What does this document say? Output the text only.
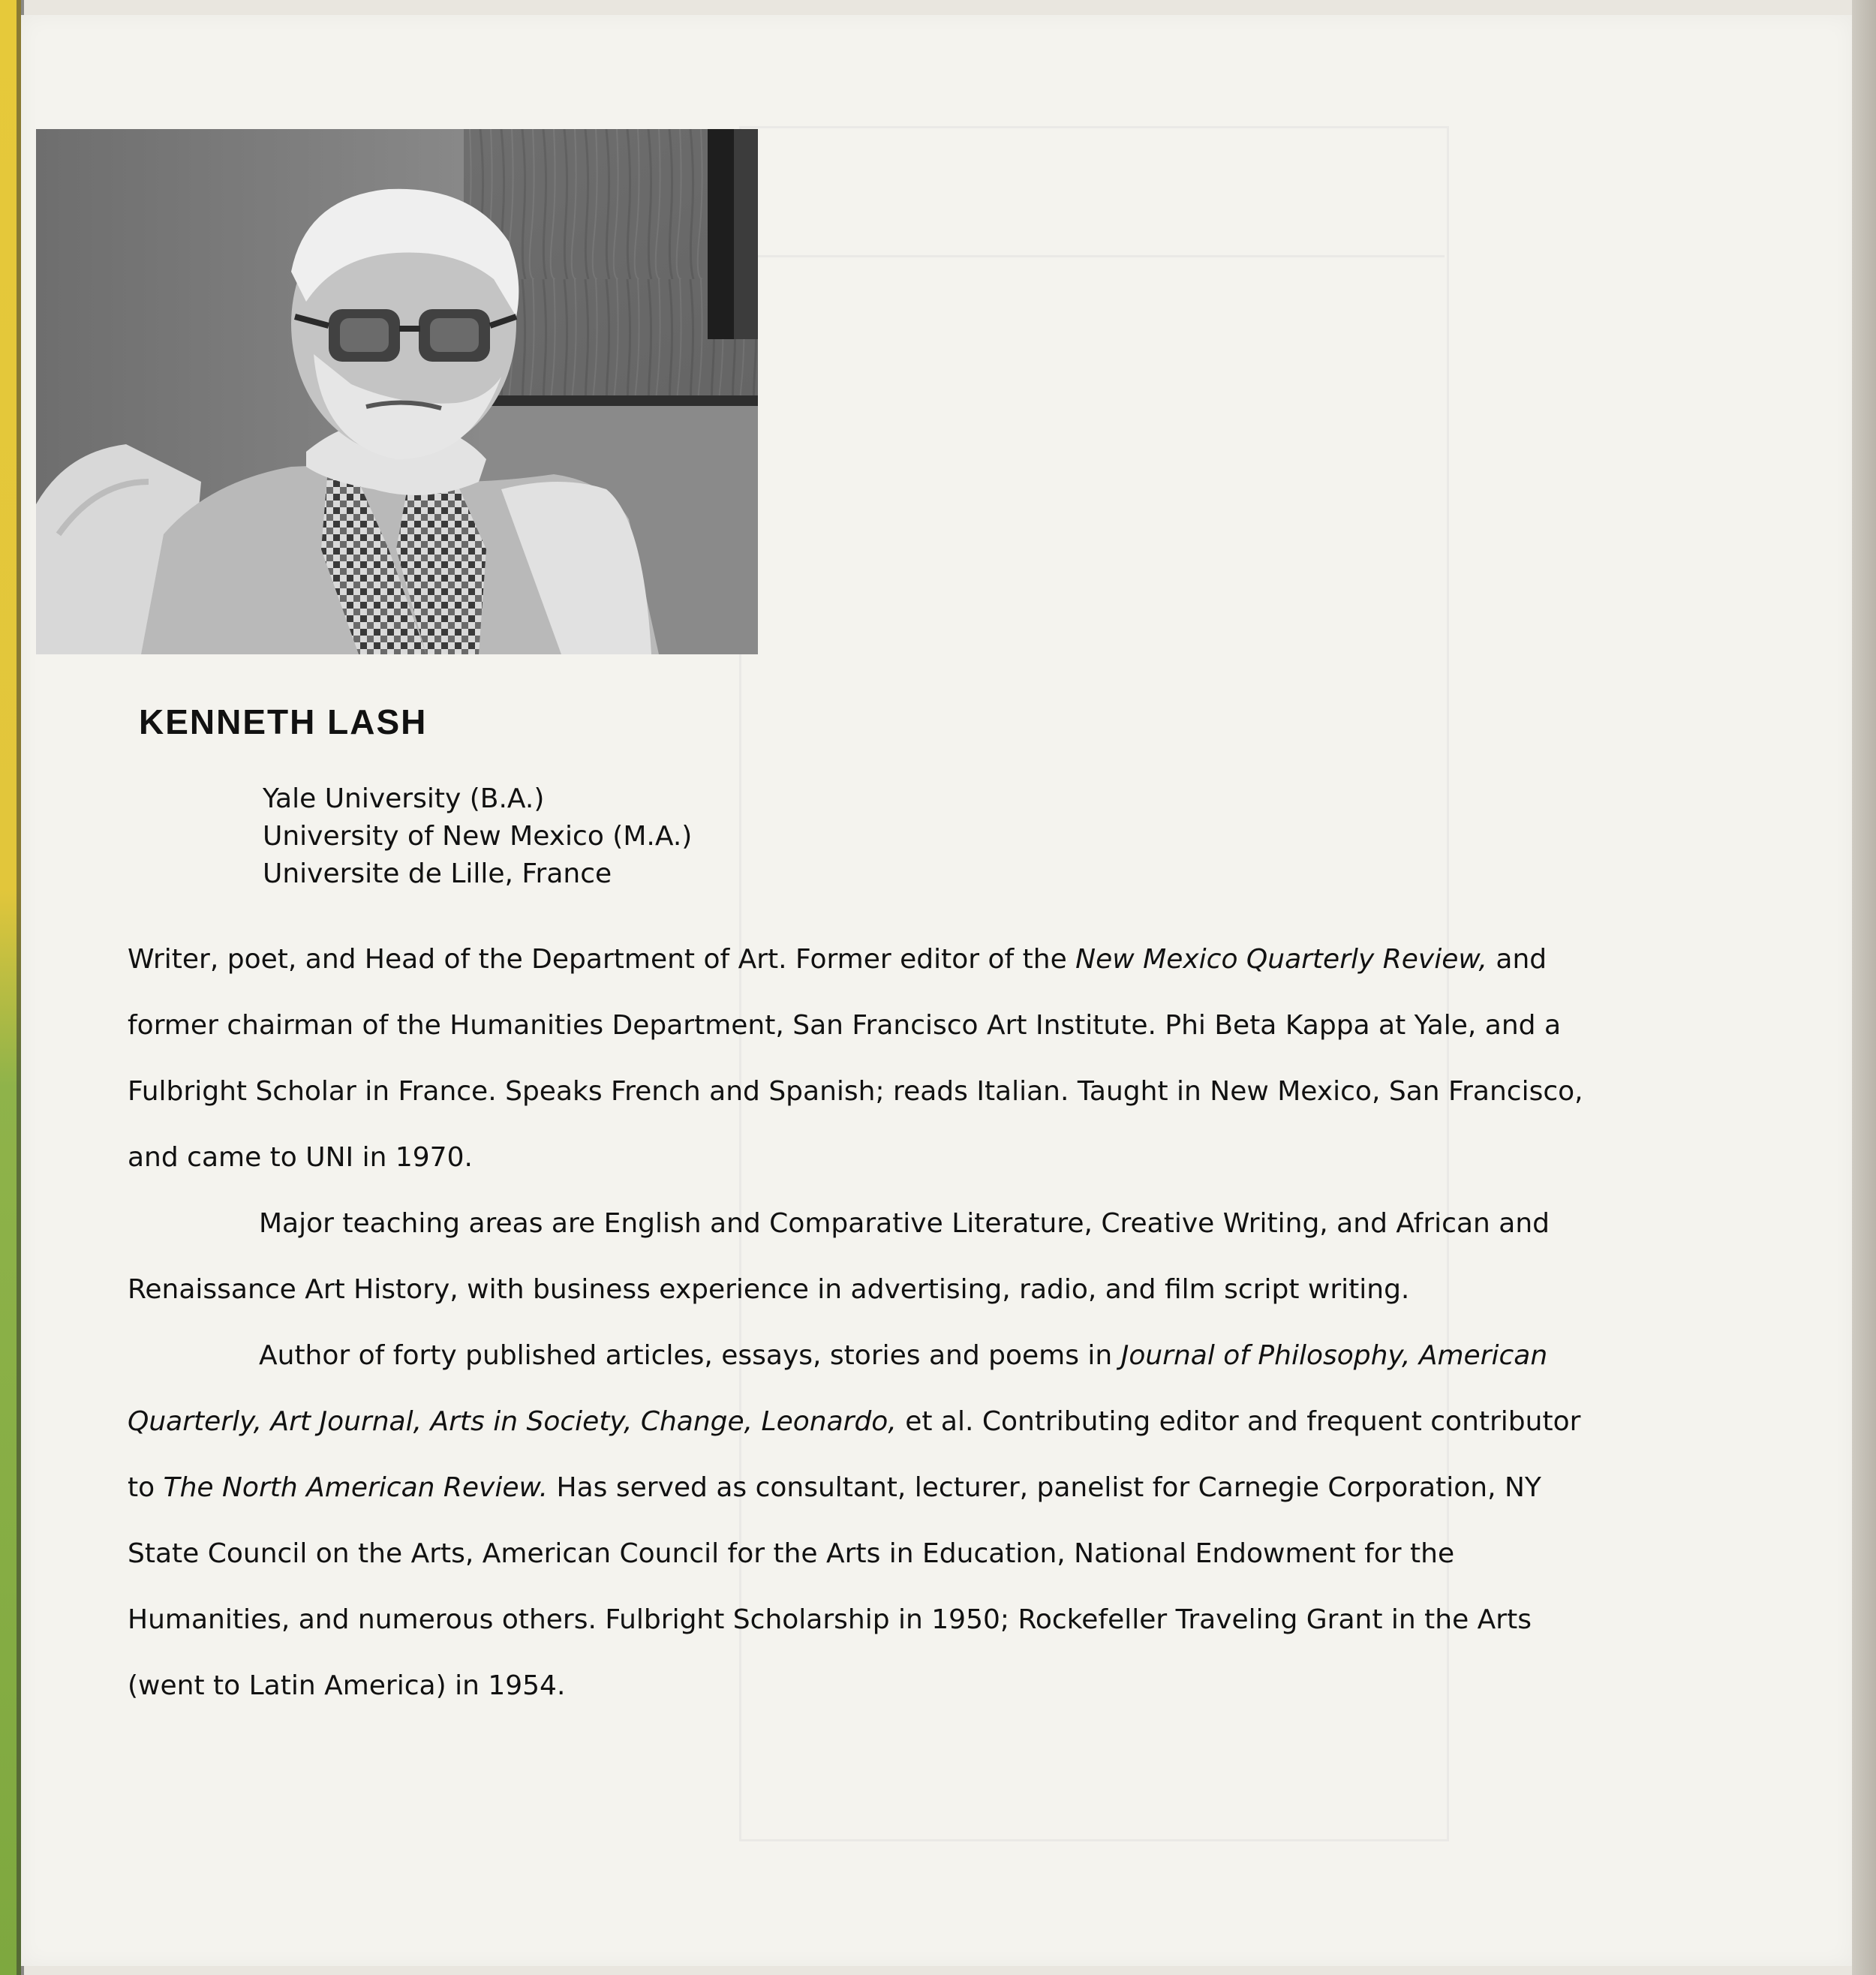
KENNETH LASH
Yale University (B.A.)
University of New Mexico (M.A.)
Universite de Lille, France

Writer, poet, and Head of the Department of Art. Former editor of the New Mexico Quarterly Review, and former chairman of the Humanities Department, San Francisco Art Institute. Phi Beta Kappa at Yale, and a Fulbright Scholar in France. Speaks French and Spanish; reads Italian. Taught in New Mexico, San Francisco, and came to UNI in 1970.

Major teaching areas are English and Comparative Literature, Creative Writing, and African and Renaissance Art History, with business experience in advertising, radio, and film script writing.

Author of forty published articles, essays, stories and poems in Journal of Philosophy, American Quarterly, Art Journal, Arts in Society, Change, Leonardo, et al. Contributing editor and frequent contributor to The North American Review. Has served as consultant, lecturer, panelist for Carnegie Corporation, NY State Council on the Arts, American Council for the Arts in Education, National Endowment for the Humanities, and numerous others. Fulbright Scholarship in 1950; Rockefeller Traveling Grant in the Arts (went to Latin America) in 1954.
